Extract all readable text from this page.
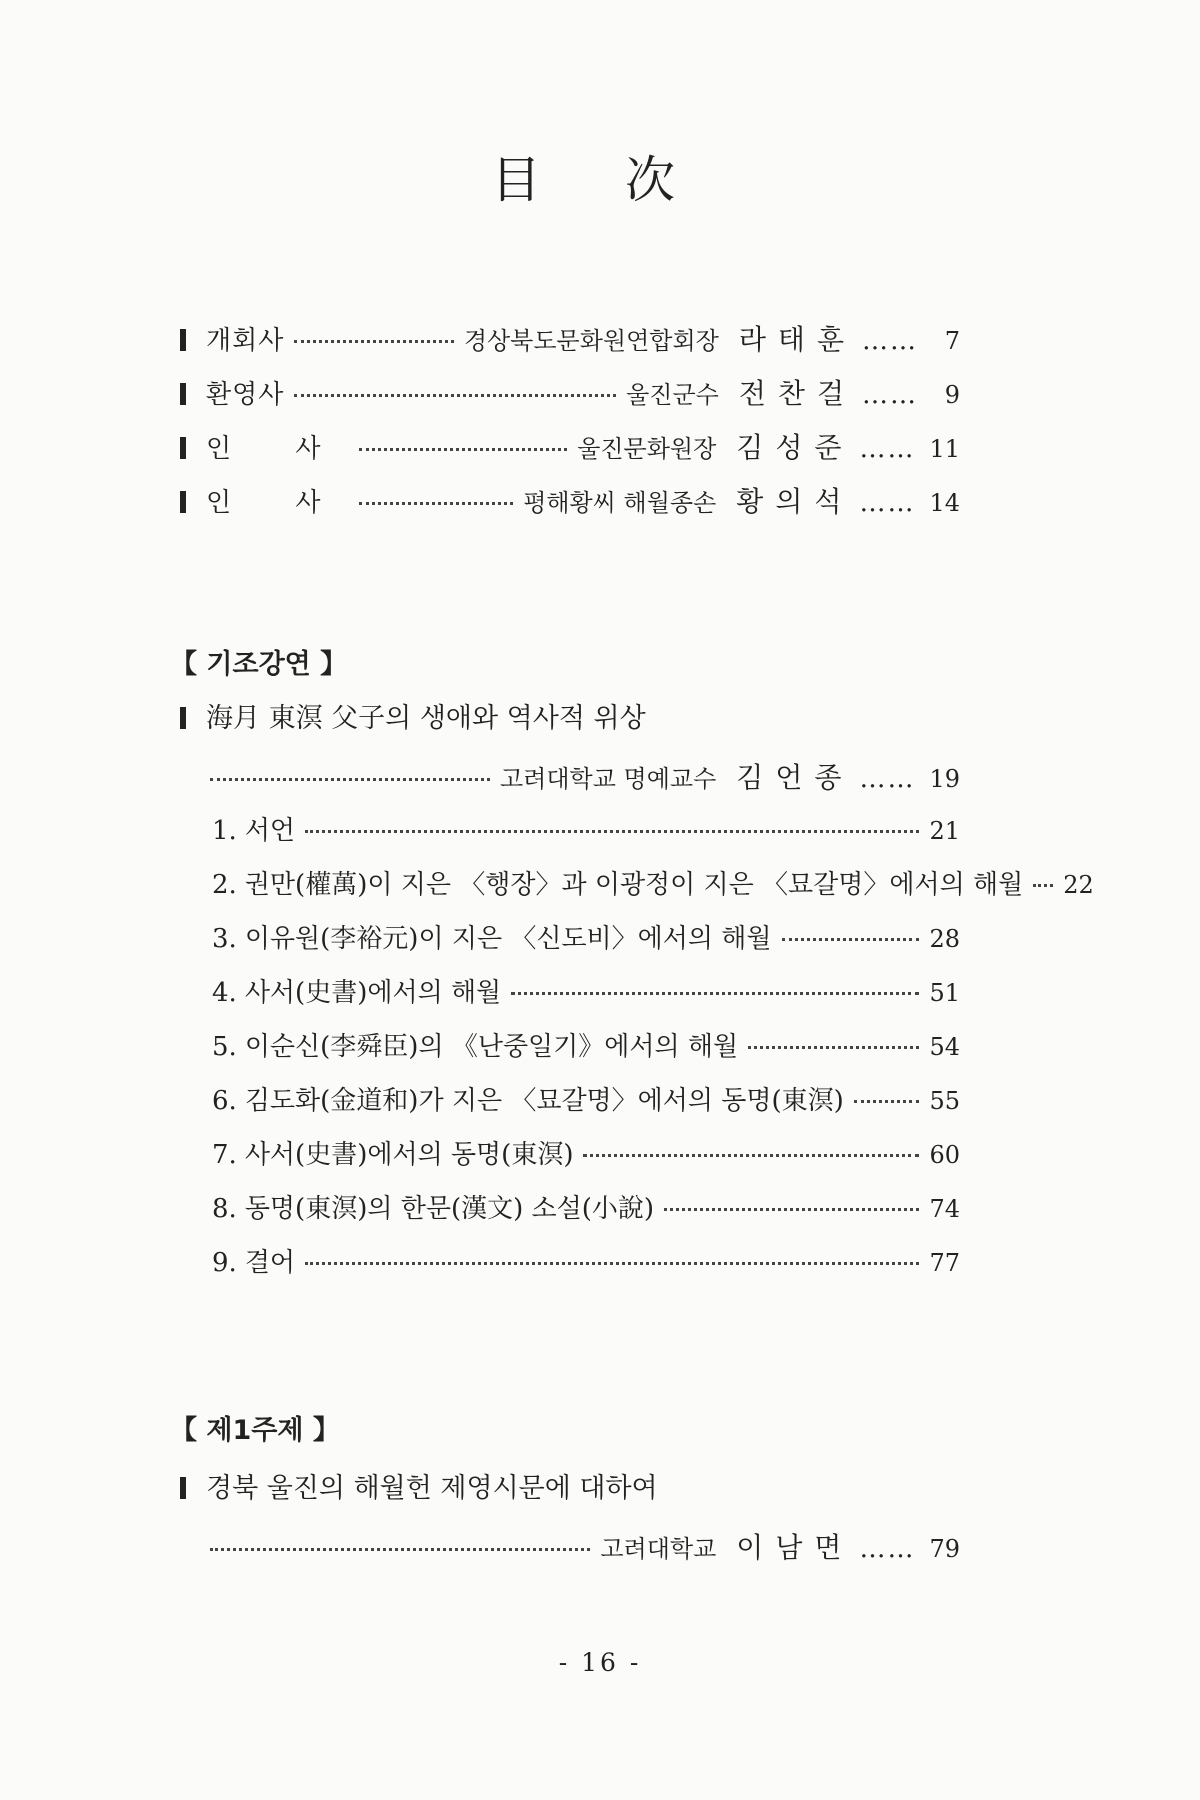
目 次
개회사	경상북도문화원연합회장 라태훈 ……	7
환영사	울진군수 전찬걸 ……	9
인 사	울진문화원장 김성준 …… 11
인 사	평해황씨 해월종손 황의석 …… 14
【 기조강연 】
海月 東溟 父子의 생애와 역사적 위상
고려대학교 명예교수 김언종 …… 19
1. 서언	21
2. 권만(權萬)이 지은 〈행장〉과 이광정이 지은 〈묘갈명〉에서의 해월 22
3. 이유원(李裕元)이 지은 〈신도비〉에서의 해월	28
4. 사서(史書)에서의 해월	51
5. 이순신(李舜臣)의 《난중일기》에서의 해월	54
6. 김도화(金道和)가 지은 〈묘갈명〉에서의 동명(東溟)	55
7. 사서(史書)에서의 동명(東溟)	60
8. 동명(東溟)의 한문(漢文) 소설(小說)	74
9. 결어	77
【 제1주제 】
경북 울진의 해월헌 제영시문에 대하여
고려대학교 이남면 …… 79
- 16 -
